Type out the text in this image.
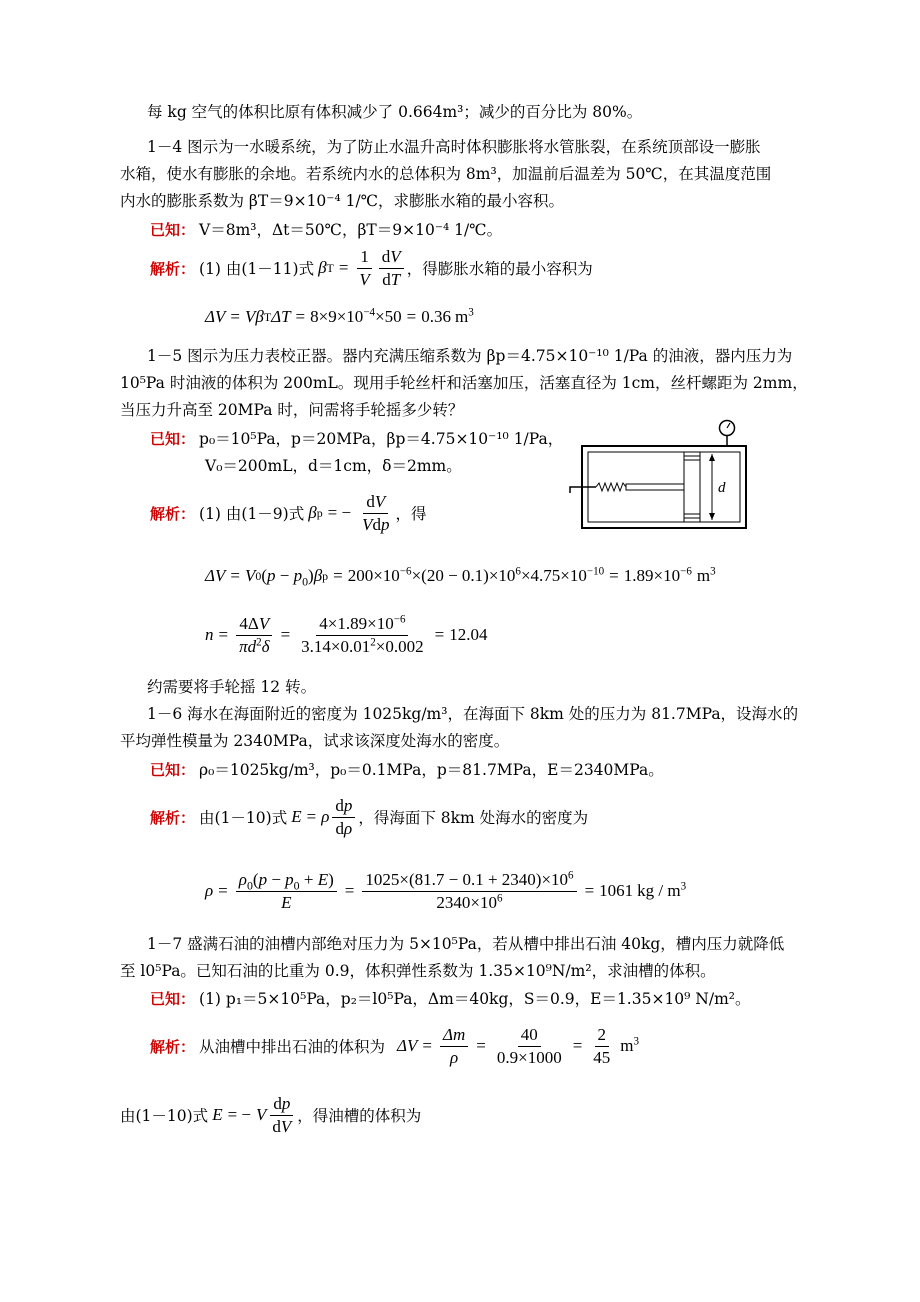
每 kg 空气的体积比原有体积减少了 0.664m³；减少的百分比为 80%。
1－4 图示为一水暖系统，为了防止水温升高时体积膨胀将水管胀裂，在系统顶部设一膨胀
水箱，使水有膨胀的余地。若系统内水的总体积为 8m³，加温前后温差为 50℃，在其温度范围
内水的膨胀系数为 βT＝9×10⁻⁴ 1/℃，求膨胀水箱的最小容积。
已知： V＝8m³，Δt＝50℃，βT＝9×10⁻⁴ 1/℃。
解析： (1) 由(1－11)式 β $T = \frac{1}{V} \frac{dV}{dT}$ ，得膨胀水箱的最小容积为
ΔV = Vβ T $\Delta T = 8\times 9\times 10^{-4}\times 50 = 0.36$ $m^3$
1－5 图示为压力表校正器。器内充满压缩系数为 βp＝4.75×10⁻¹⁰ 1/Pa 的油液，器内压力为
10⁵Pa 时油液的体积为 200mL。现用手轮丝杆和活塞加压，活塞直径为 1cm，丝杆螺距为 2mm，
当压力升高至 20MPa 时，问需将手轮摇多少转？
已知： p₀＝10⁵Pa，p＝20MPa，βp＝4.75×10⁻¹⁰ 1/Pa，
V₀＝200mL，d＝1cm，δ＝2mm。
解析： (1) 由(1－9)式 β p = − $\frac{dV}{\text{Vdp}}$ ，得
ΔV = V 0 $(p - p_0)$ β $p = 200\times 10^{-6}\times(20 - 0.1)\times 10^6\times 4.75\times 10^{-10} = 1.89 \times 10^{-6}$ $m^3$
$n = \frac{4\Delta V}{\pi d^2\delta} = \frac{4\times 1.89\times 10^{-6}}{3.14\times 0.01^2\times 0.002} = 12.04$
约需要将手轮摇 12 转。
d
1－6 海水在海面附近的密度为 1025kg/m³，在海面下 8km 处的压力为 81.7MPa，设海水的
平均弹性模量为 2340MPa，试求该深度处海水的密度。
已知： ρ₀＝1025kg/m³，p₀＝0.1MPa，p＝81.7MPa，E＝2340MPa。
解析： 由(1－10)式 E = ρ $\frac{dp}{d\rho}$ ，得海面下 8km 处海水的密度为
$\rho = \frac{\rho_0(p - p_0 + E)}{E} = \frac{1025\times(81.7 - 0.1 + 2340)\times 10^6}{2340\times 10^6} = 1061$ kg / $m^3$
1－7 盛满石油的油槽内部绝对压力为 5×10⁵Pa，若从槽中排出石油 40kg，槽内压力就降低
至 l0⁵Pa。已知石油的比重为 0.9，体积弹性系数为 1.35×10⁹N/m²，求油槽的体积。
已知： (1) p₁＝5×10⁵Pa，p₂＝l0⁵Pa，Δm＝40kg，S＝0.9，E＝1.35×10⁹ N/m²。
解析： 从油槽中排出石油的体积为 $\Delta V = \frac{\Delta m}{\rho} = \frac{40}{0.9\times 1000} = \frac{2}{45} m^3$
由(1－10)式 E = − V $\frac{dp}{dV}$ ，得油槽的体积为
